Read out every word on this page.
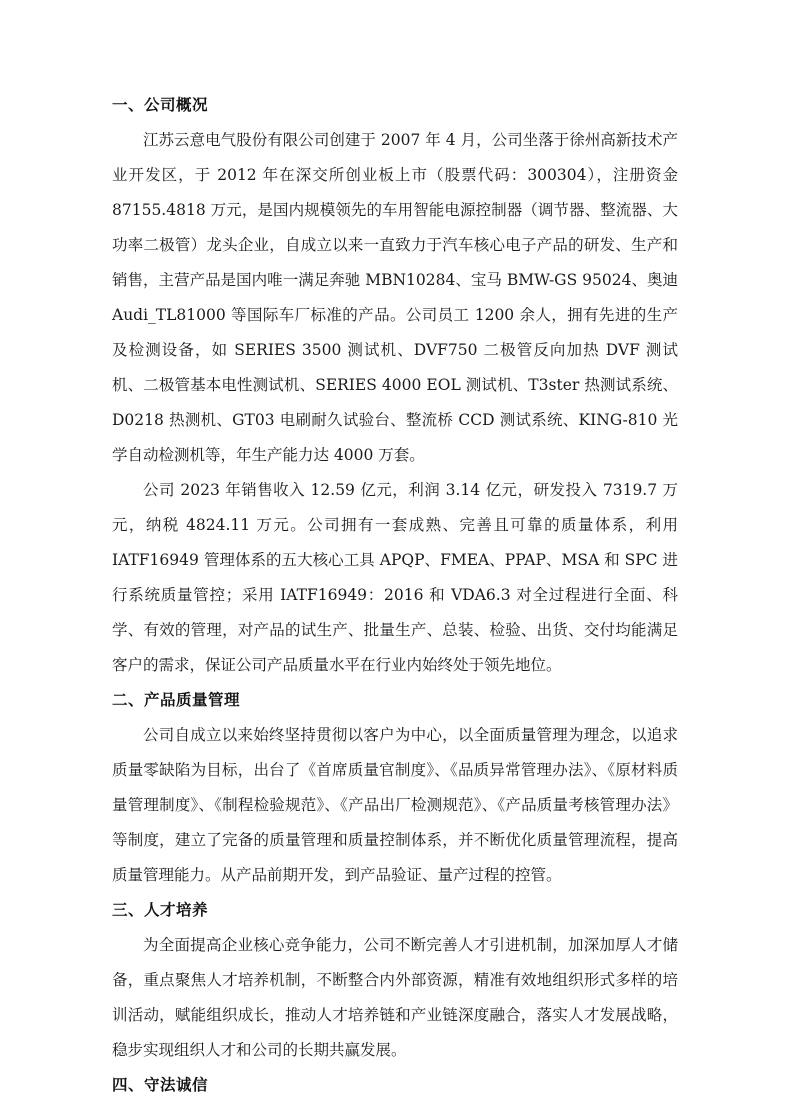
一、公司概况

江苏云意电气股份有限公司创建于 2007 年 4 月，公司坐落于徐州高新技术产业开发区，于 2012 年在深交所创业板上市（股票代码：300304），注册资金 87155.4818 万元，是国内规模领先的车用智能电源控制器（调节器、整流器、大功率二极管）龙头企业，自成立以来一直致力于汽车核心电子产品的研发、生产和销售，主营产品是国内唯一满足奔驰 MBN10284、宝马 BMW-GS 95024、奥迪 Audi_TL81000 等国际车厂标准的产品。公司员工 1200 余人，拥有先进的生产及检测设备，如 SERIES 3500 测试机、DVF750 二极管反向加热 DVF 测试机、二极管基本电性测试机、SERIES 4000 EOL 测试机、T3ster 热测试系统、D0218 热测机、GT03 电刷耐久试验台、整流桥 CCD 测试系统、KING-810 光学自动检测机等，年生产能力达 4000 万套。

公司 2023 年销售收入 12.59 亿元，利润 3.14 亿元，研发投入 7319.7 万元，纳税 4824.11 万元。公司拥有一套成熟、完善且可靠的质量体系，利用 IATF16949 管理体系的五大核心工具 APQP、FMEA、PPAP、MSA 和 SPC 进行系统质量管控；采用 IATF16949：2016 和 VDA6.3 对全过程进行全面、科学、有效的管理，对产品的试生产、批量生产、总装、检验、出货、交付均能满足客户的需求，保证公司产品质量水平在行业内始终处于领先地位。

二、产品质量管理

公司自成立以来始终坚持贯彻以客户为中心，以全面质量管理为理念，以追求质量零缺陷为目标，出台了《首席质量官制度》、《品质异常管理办法》、《原材料质量管理制度》、《制程检验规范》、《产品出厂检测规范》、《产品质量考核管理办法》等制度，建立了完备的质量管理和质量控制体系，并不断优化质量管理流程，提高质量管理能力。从产品前期开发，到产品验证、量产过程的控管。

三、人才培养

为全面提高企业核心竞争能力，公司不断完善人才引进机制，加深加厚人才储备，重点聚焦人才培养机制，不断整合内外部资源，精准有效地组织形式多样的培训活动，赋能组织成长，推动人才培养链和产业链深度融合，落实人才发展战略，稳步实现组织人才和公司的长期共赢发展。

四、守法诚信
